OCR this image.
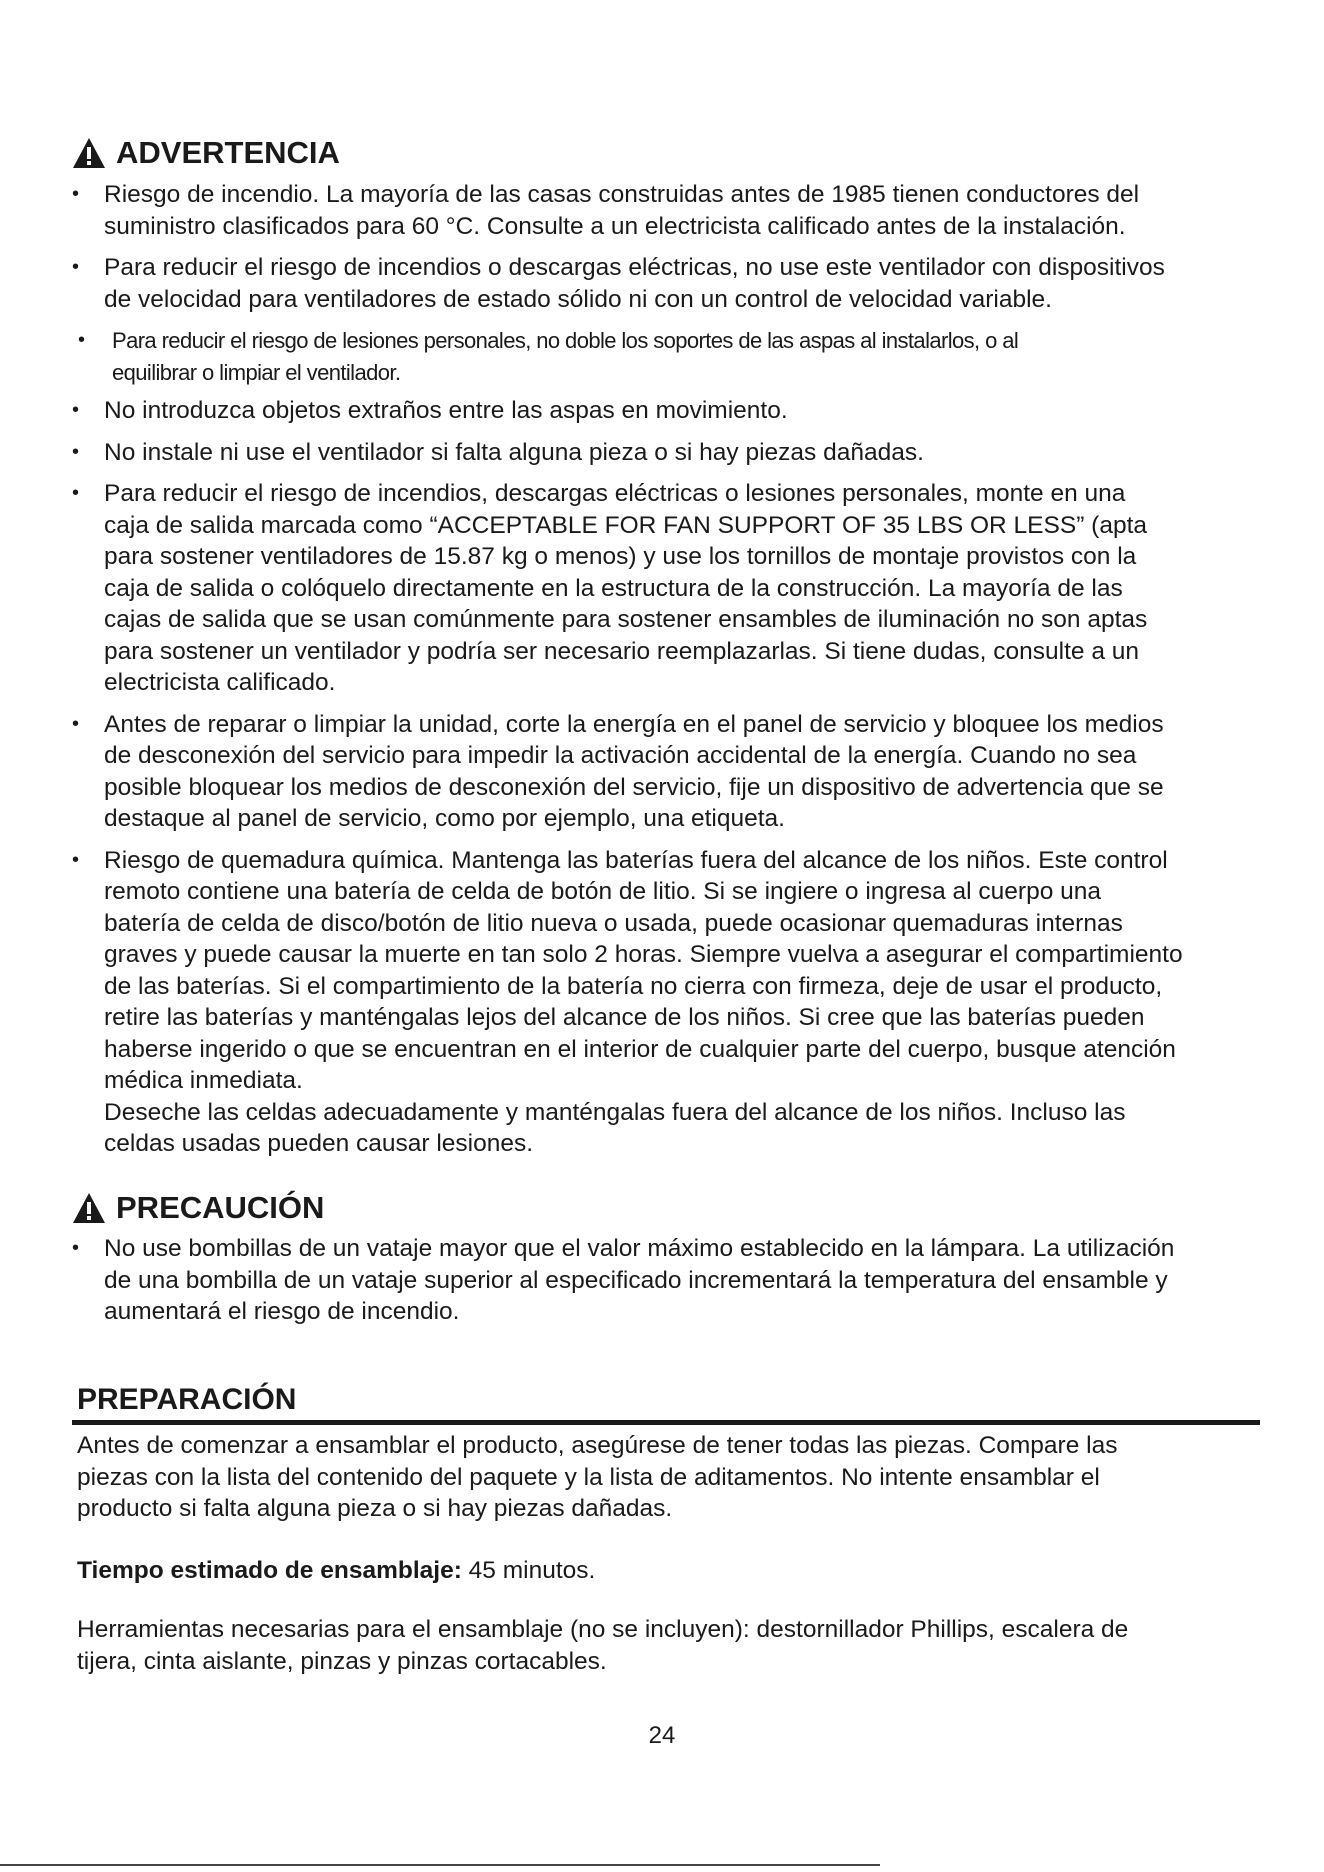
ADVERTENCIA
• Riesgo de incendio. La mayoría de las casas construidas antes de 1985 tienen conductores del
suministro clasificados para 60 °C. Consulte a un electricista calificado antes de la instalación.
• Para reducir el riesgo de incendios o descargas eléctricas, no use este ventilador con dispositivos
de velocidad para ventiladores de estado sólido ni con un control de velocidad variable.
• Para reducir el riesgo de lesiones personales, no doble los soportes de las aspas al instalarlos, o al
equilibrar o limpiar el ventilador.
• No introduzca objetos extraños entre las aspas en movimiento.
• No instale ni use el ventilador si falta alguna pieza o si hay piezas dañadas.
• Para reducir el riesgo de incendios, descargas eléctricas o lesiones personales, monte en una
caja de salida marcada como “ACCEPTABLE FOR FAN SUPPORT OF 35 LBS OR LESS” (apta
para sostener ventiladores de 15.87 kg o menos) y use los tornillos de montaje provistos con la
caja de salida o colóquelo directamente en la estructura de la construcción. La mayoría de las
cajas de salida que se usan comúnmente para sostener ensambles de iluminación no son aptas
para sostener un ventilador y podría ser necesario reemplazarlas. Si tiene dudas, consulte a un
electricista calificado.
• Antes de reparar o limpiar la unidad, corte la energía en el panel de servicio y bloquee los medios
de desconexión del servicio para impedir la activación accidental de la energía. Cuando no sea
posible bloquear los medios de desconexión del servicio, fije un dispositivo de advertencia que se
destaque al panel de servicio, como por ejemplo, una etiqueta.
• Riesgo de quemadura química. Mantenga las baterías fuera del alcance de los niños. Este control
remoto contiene una batería de celda de botón de litio. Si se ingiere o ingresa al cuerpo una
batería de celda de disco/botón de litio nueva o usada, puede ocasionar quemaduras internas
graves y puede causar la muerte en tan solo 2 horas. Siempre vuelva a asegurar el compartimiento
de las baterías. Si el compartimiento de la batería no cierra con firmeza, deje de usar el producto,
retire las baterías y manténgalas lejos del alcance de los niños. Si cree que las baterías pueden
haberse ingerido o que se encuentran en el interior de cualquier parte del cuerpo, busque atención
médica inmediata.
Deseche las celdas adecuadamente y manténgalas fuera del alcance de los niños. Incluso las
celdas usadas pueden causar lesiones.
PRECAUCIÓN
• No use bombillas de un vataje mayor que el valor máximo establecido en la lámpara. La utilización
de una bombilla de un vataje superior al especificado incrementará la temperatura del ensamble y
aumentará el riesgo de incendio.
PREPARACIÓN
Antes de comenzar a ensamblar el producto, asegúrese de tener todas las piezas. Compare las
piezas con la lista del contenido del paquete y la lista de aditamentos. No intente ensamblar el
producto si falta alguna pieza o si hay piezas dañadas.
Tiempo estimado de ensamblaje: 45 minutos.
Herramientas necesarias para el ensamblaje (no se incluyen): destornillador Phillips, escalera de
tijera, cinta aislante, pinzas y pinzas cortacables.
24
